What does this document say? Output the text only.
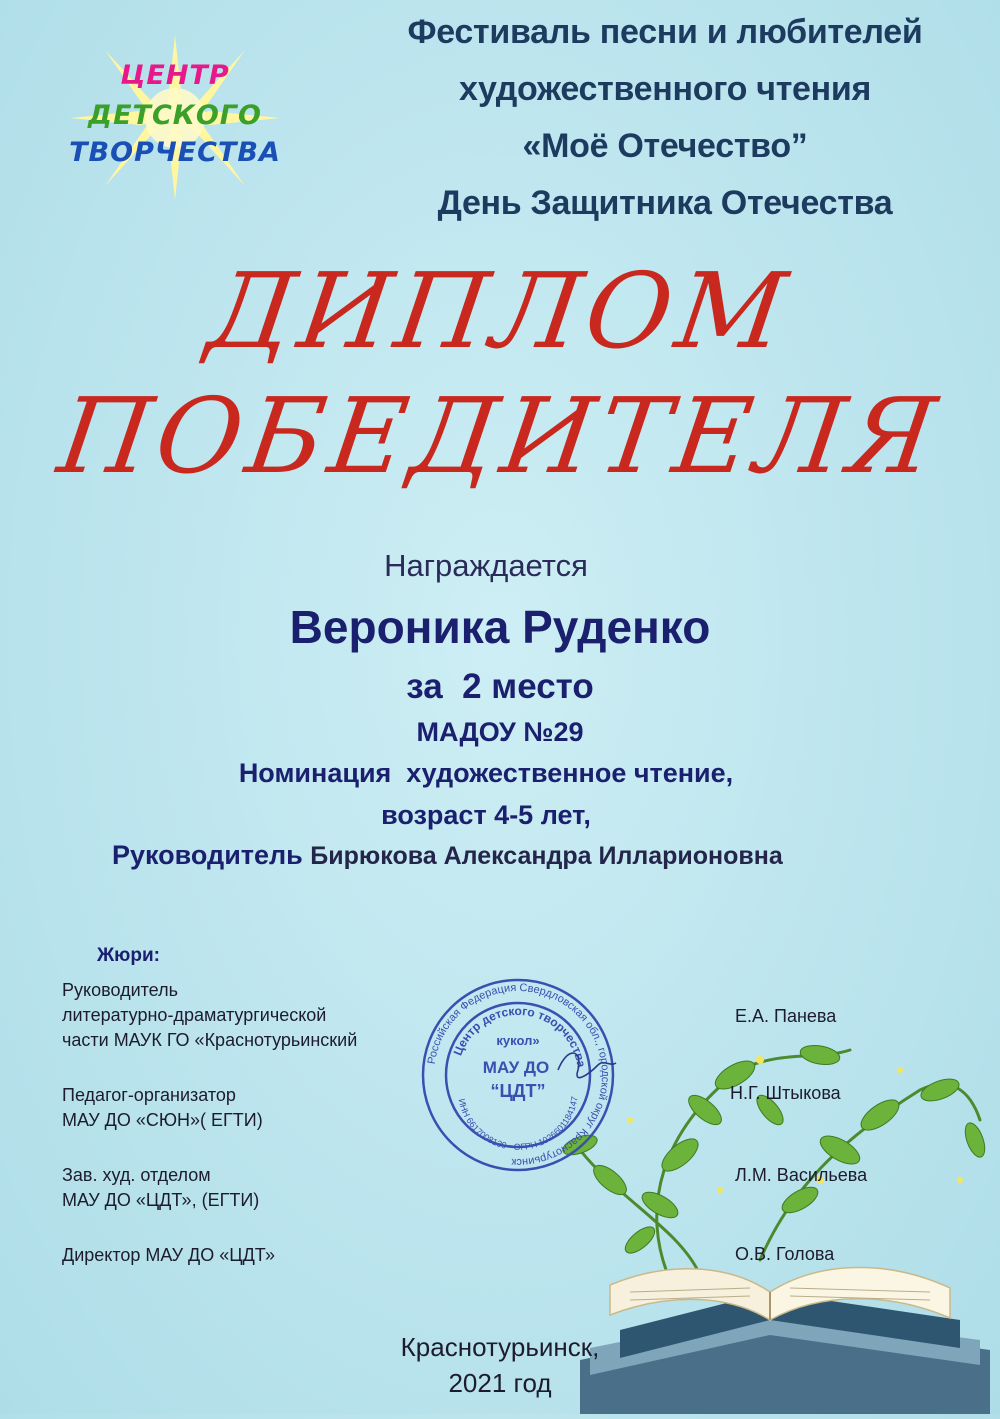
ЦЕНТР
ДЕТСКОГО
ТВОРЧЕСТВА
Фестиваль песни и любителей
художественного чтения
«Моё Отечество”
День Защитника Отечества
ДИПЛОМ
ПОБЕДИТЕЛЯ
Награждается
Вероника Руденко
за  2 место
МАДОУ №29
Номинация  художественное чтение,
возраст 4-5 лет,
Руководитель Бирюкова Александра Илларионовна
Жюри:
Руководитель
литературно-драматургической
части МАУК ГО «Краснотурьинский
Е.А. Панева
Педагог-организатор
МАУ ДО «СЮН»( ЕГТИ)
Н.Г. Штыкова
Зав. худ. отделом
МАУ ДО «ЦДТ», (ЕГТИ)
Л.М. Васильева
Директор МАУ ДО «ЦДТ»	О.В. Голова
Российская Федерация Свердловская обл., городской округ Краснотурьинск
Центр детского творчества
ИНН 6617008130 • ОГРН 1026601184147
кукол»
МАУ ДО
“ЦДТ”
Краснотурьинск,
2021 год
